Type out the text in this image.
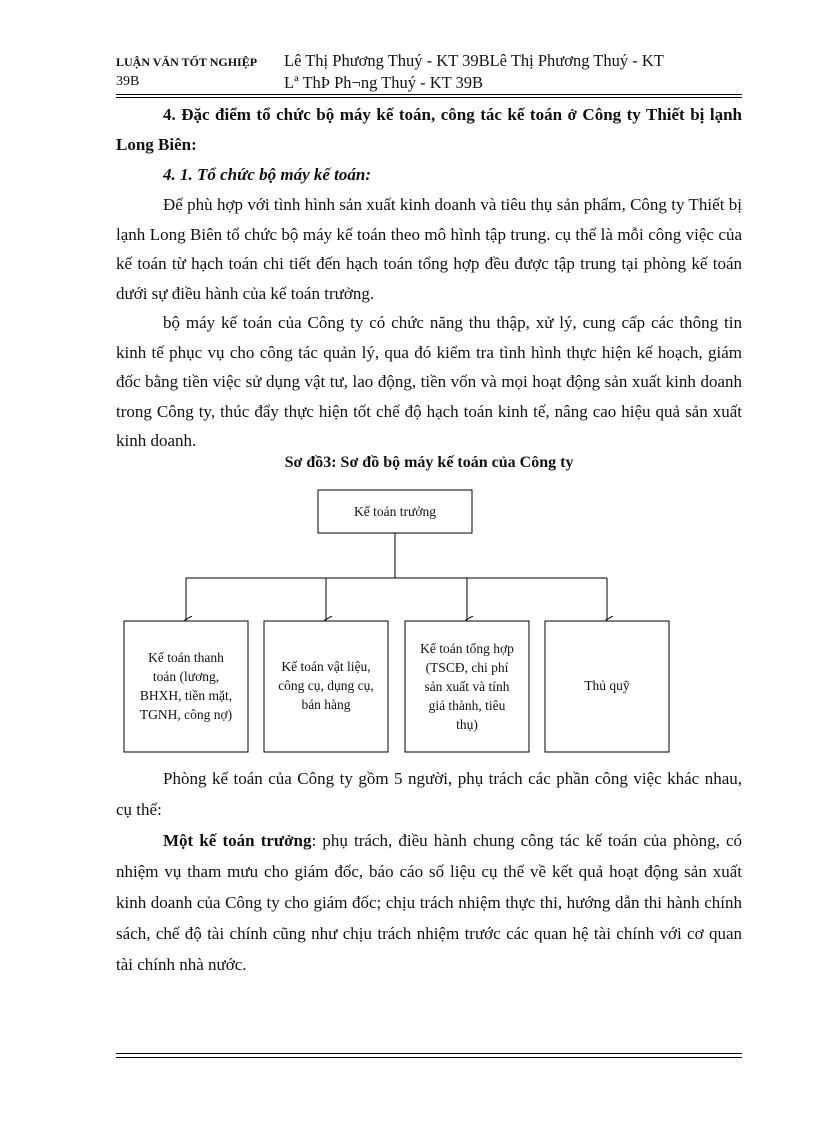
LUẬN VĂN TỐT NGHIỆP
39B
Lê Thị Phương Thuý - KT 39BLê Thị Phương Thuý - KT
Lª ThÞ Ph¬ng Thuý - KT 39B

4. Đặc điểm tổ chức bộ máy kế toán, công tác kế toán ở Công ty Thiết bị lạnh Long Biên:

4. 1. Tổ chức bộ máy kế toán:

Để phù hợp với tình hình sản xuất kinh doanh và tiêu thụ sản phẩm, Công ty Thiết bị lạnh Long Biên tổ chức bộ máy kế toán theo mô hình tập trung. cụ thể là mỗi công việc của kế toán từ hạch toán chi tiết đến hạch toán tổng hợp đều được tập trung tại phòng kế toán dưới sự điều hành của kế toán trưởng.

bộ máy kế toán của Công ty có chức năng thu thập, xử lý, cung cấp các thông tin kinh tế phục vụ cho công tác quản lý, qua đó kiểm tra tình hình thực hiện kế hoạch, giám đốc bằng tiền việc sử dụng vật tư, lao động, tiền vốn và mọi hoạt động sản xuất kinh doanh trong Công ty, thúc đẩy thực hiện tốt chế độ hạch toán kinh tế, nâng cao hiệu quả sản xuất kinh doanh.

Sơ đồ3: Sơ đồ bộ máy kế toán của Công ty
Kế toán trưởng
Kế toán thanh
toán (lương,
BHXH, tiền mặt,
TGNH, công nợ)
Kế toán vật liệu,
công cụ, dụng cụ,
bán hàng
Kế toán tổng hợp
(TSCĐ, chi phí
sản xuất và tính
giá thành, tiêu
thụ)
Thủ quỹ

Phòng kế toán của Công ty gồm 5 người, phụ trách các phần công việc khác nhau, cụ thể:

Một kế toán trưởng: phụ trách, điều hành chung công tác kế toán của phòng, có nhiệm vụ tham mưu cho giám đốc, báo cáo số liệu cụ thể về kết quả hoạt động sản xuất kinh doanh của Công ty cho giám đốc; chịu trách nhiệm thực thi, hướng dẫn thi hành chính sách, chế độ tài chính cũng như chịu trách nhiệm trước các quan hệ tài chính với cơ quan tài chính nhà nước.
